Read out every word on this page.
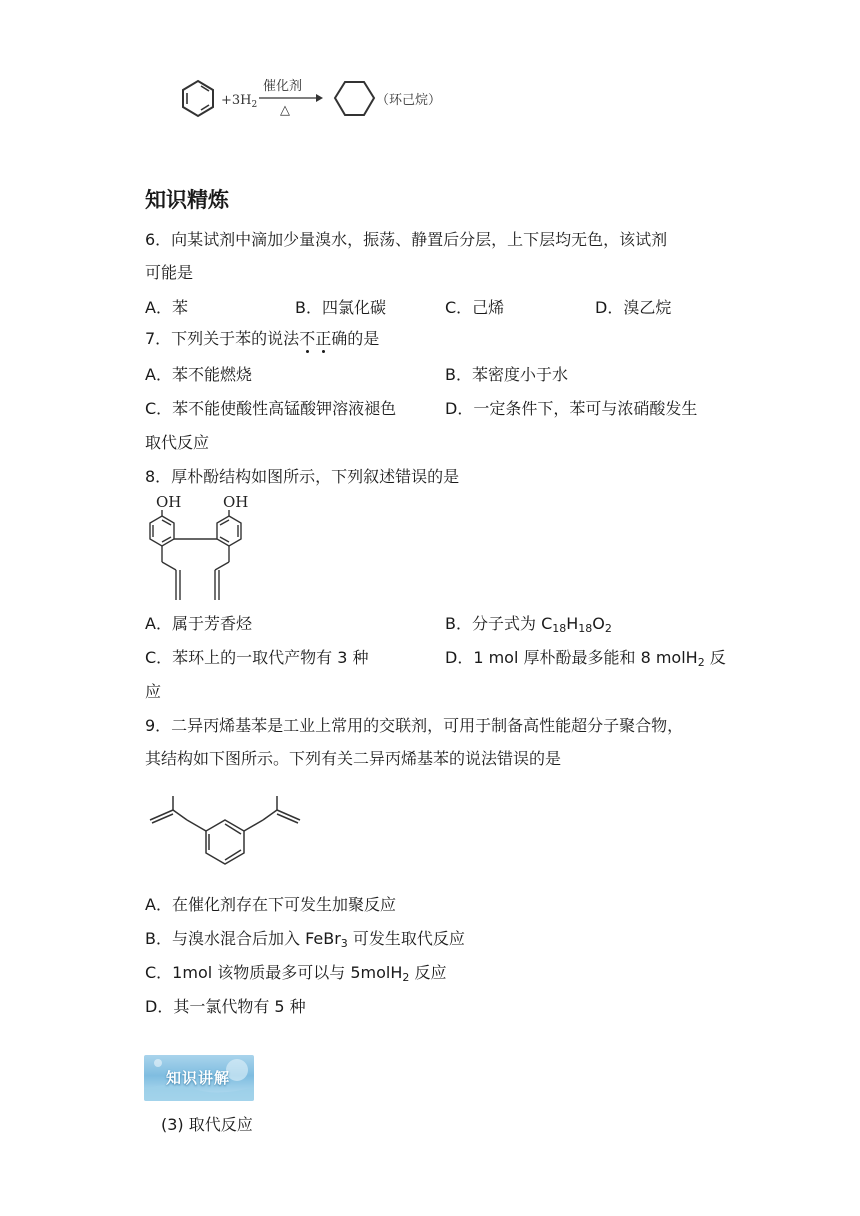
$+3H_2$
催化剂
△
（环己烷）
知识精炼
6．向某试剂中滴加少量溴水，振荡、静置后分层，上下层均无色，该试剂
可能是
A．苯	B．四氯化碳	C．己烯	D．溴乙烷
7．下列关于苯的说法不正确的是
A．苯不能燃烧	B．苯密度小于水
C．苯不能使酸性高锰酸钾溶液褪色	D．一定条件下，苯可与浓硝酸发生
取代反应
8．厚朴酚结构如图所示，下列叙述错误的是
OH	OH
A．属于芳香烃	B．分子式为 $C_{18}H_{18}O_2$
C．苯环上的一取代产物有 3 种	D．1 mol 厚朴酚最多能和 8 molH$_2$ 反
应
9．二异丙烯基苯是工业上常用的交联剂，可用于制备高性能超分子聚合物，
其结构如下图所示。下列有关二异丙烯基苯的说法错误的是
A．在催化剂存在下可发生加聚反应
B．与溴水混合后加入 FeBr$_3$ 可发生取代反应
C．1mol 该物质最多可以与 5molH$_2$ 反应
D．其一氯代物有 5 种
知识讲解
(3) 取代反应
